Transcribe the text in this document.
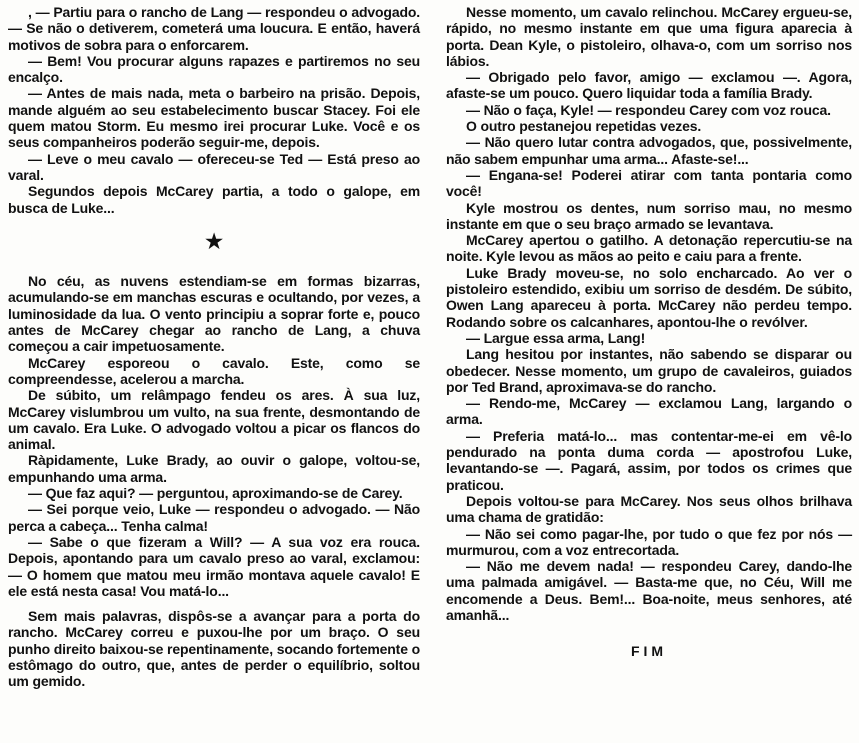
, — Partiu para o rancho de Lang — respondeu o advogado. — Se não o detiverem, cometerá uma loucura. E então, haverá motivos de sobra para o enforcarem.

— Bem! Vou procurar alguns rapazes e partiremos no seu encalço.

— Antes de mais nada, meta o barbeiro na prisão. Depois, mande alguém ao seu estabelecimento buscar Stacey. Foi ele quem matou Storm. Eu mesmo irei procurar Luke. Você e os seus companheiros poderão seguir-me, depois.

— Leve o meu cavalo — ofereceu-se Ted — Está preso ao varal.

Segundos depois McCarey partia, a todo o galope, em busca de Luke...

★

No céu, as nuvens estendiam-se em formas bizarras, acumulando-se em manchas escuras e ocultando, por vezes, a luminosidade da lua. O vento principiu a soprar forte e, pouco antes de McCarey chegar ao rancho de Lang, a chuva começou a cair impetuosamente.

McCarey esporeou o cavalo. Este, como se compreendesse, acelerou a marcha.

De súbito, um relâmpago fendeu os ares. À sua luz, McCarey vislumbrou um vulto, na sua frente, desmontando de um cavalo. Era Luke. O advogado voltou a picar os flancos do animal.

Ràpidamente, Luke Brady, ao ouvir o galope, voltou-se, empunhando uma arma.

— Que faz aqui? — perguntou, aproximando-se de Carey.

— Sei porque veio, Luke — respondeu o advogado. — Não perca a cabeça... Tenha calma!

— Sabe o que fizeram a Will? — A sua voz era rouca. Depois, apontando para um cavalo preso ao varal, exclamou: — O homem que matou meu irmão montava aquele cavalo! E ele está nesta casa! Vou matá-lo...

Sem mais palavras, dispôs-se a avançar para a porta do rancho. McCarey correu e puxou-lhe por um braço. O seu punho direito baixou-se repentinamente, socando fortemente o estômago do outro, que, antes de perder o equilíbrio, soltou um gemido.

Nesse momento, um cavalo relinchou. McCarey ergueu-se, rápido, no mesmo instante em que uma figura aparecia à porta. Dean Kyle, o pistoleiro, olhava-o, com um sorriso nos lábios.

— Obrigado pelo favor, amigo — exclamou —. Agora, afaste-se um pouco. Quero liquidar toda a família Brady.

— Não o faça, Kyle! — respondeu Carey com voz rouca.

O outro pestanejou repetidas vezes.

— Não quero lutar contra advogados, que, possivelmente, não sabem empunhar uma arma... Afaste-se!...

— Engana-se! Poderei atirar com tanta pontaria como você!

Kyle mostrou os dentes, num sorriso mau, no mesmo instante em que o seu braço armado se levantava.

McCarey apertou o gatilho. A detonação repercutiu-se na noite. Kyle levou as mãos ao peito e caiu para a frente.

Luke Brady moveu-se, no solo encharcado. Ao ver o pistoleiro estendido, exibiu um sorriso de desdém. De súbito, Owen Lang apareceu à porta. McCarey não perdeu tempo. Rodando sobre os calcanhares, apontou-lhe o revólver.

— Largue essa arma, Lang!

Lang hesitou por instantes, não sabendo se disparar ou obedecer. Nesse momento, um grupo de cavaleiros, guiados por Ted Brand, aproximava-se do rancho.

— Rendo-me, McCarey — exclamou Lang, largando o arma.

— Preferia matá-lo... mas contentar-me-ei em vê-lo pendurado na ponta duma corda — apostrofou Luke, levantando-se —. Pagará, assim, por todos os crimes que praticou.

Depois voltou-se para McCarey. Nos seus olhos brilhava uma chama de gratidão:

— Não sei como pagar-lhe, por tudo o que fez por nós — murmurou, com a voz entrecortada.

— Não me devem nada! — respondeu Carey, dando-lhe uma palmada amigável. — Basta-me que, no Céu, Will me encomende a Deus. Bem!... Boa-noite, meus senhores, até amanhã...

FIM
